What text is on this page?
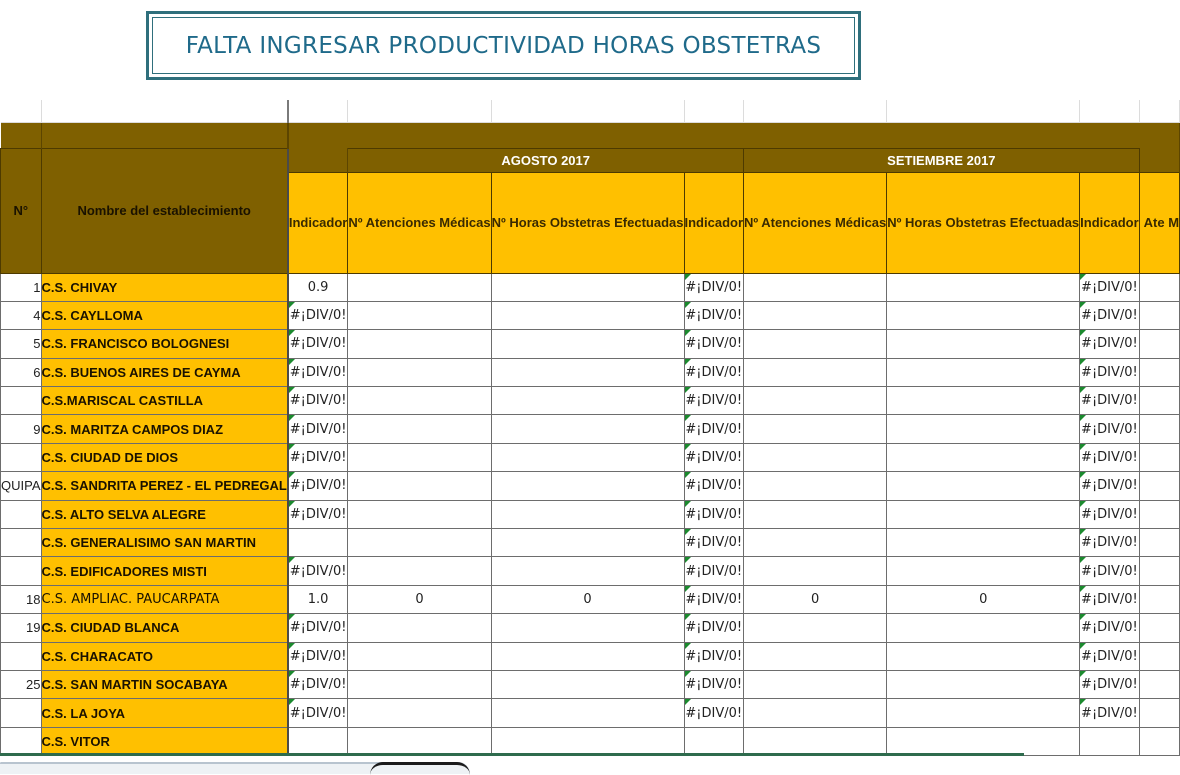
FALTA INGRESAR PRODUCTIVIDAD HORAS OBSTETRAS

N°	Nombre del establecimiento		AGOSTO 2017			SETIEMBRE 2017			
		Indicador	Nº Atenciones Médicas	Nº Horas Obstetras Efectuadas	Indicador	Nº Atenciones Médicas	Nº Horas Obstetras Efectuadas	Indicador	Ate M
1	C.S. CHIVAY	0.9			#¡DIV/0!			#¡DIV/0!	
4	C.S. CAYLLOMA	#¡DIV/0!			#¡DIV/0!			#¡DIV/0!	
5	C.S. FRANCISCO BOLOGNESI	#¡DIV/0!			#¡DIV/0!			#¡DIV/0!	
6	C.S. BUENOS AIRES DE CAYMA	#¡DIV/0!			#¡DIV/0!			#¡DIV/0!	
	C.S.MARISCAL CASTILLA	#¡DIV/0!			#¡DIV/0!			#¡DIV/0!	
9	C.S. MARITZA CAMPOS DIAZ	#¡DIV/0!			#¡DIV/0!			#¡DIV/0!	
	C.S. CIUDAD DE DIOS	#¡DIV/0!			#¡DIV/0!			#¡DIV/0!	
QUIPA	C.S. SANDRITA PEREZ - EL PEDREGAL	#¡DIV/0!			#¡DIV/0!			#¡DIV/0!	
	C.S. ALTO SELVA ALEGRE	#¡DIV/0!			#¡DIV/0!			#¡DIV/0!	
	C.S. GENERALISIMO SAN MARTIN				#¡DIV/0!			#¡DIV/0!	
	C.S. EDIFICADORES MISTI	#¡DIV/0!			#¡DIV/0!			#¡DIV/0!	
18	C.S. AMPLIAC. PAUCARPATA	1.0	0	0	#¡DIV/0!	0	0	#¡DIV/0!	
19	C.S. CIUDAD BLANCA	#¡DIV/0!			#¡DIV/0!			#¡DIV/0!	
	C.S. CHARACATO	#¡DIV/0!			#¡DIV/0!			#¡DIV/0!	
25	C.S. SAN MARTIN SOCABAYA	#¡DIV/0!			#¡DIV/0!			#¡DIV/0!	
	C.S. LA JOYA	#¡DIV/0!			#¡DIV/0!			#¡DIV/0!	
	C.S. VITOR								
